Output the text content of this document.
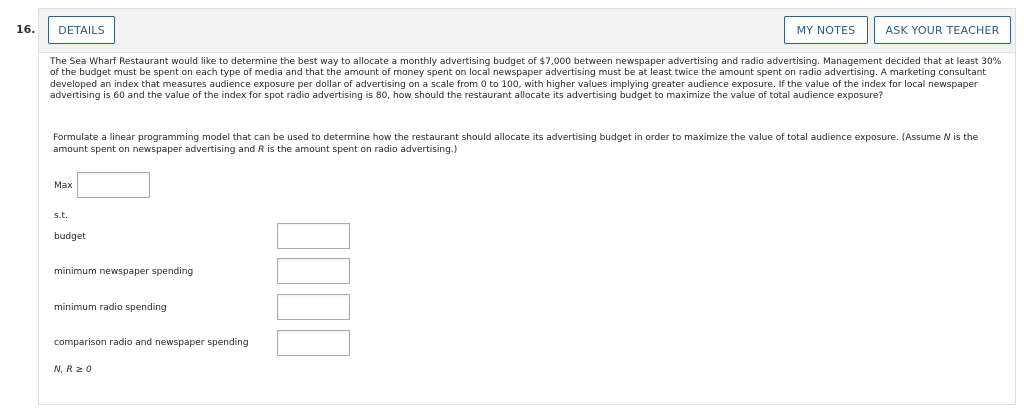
16.	DETAILS	MY NOTES	ASK YOUR TEACHER
The Sea Wharf Restaurant would like to determine the best way to allocate a monthly advertising budget of $7,000 between newspaper advertising and radio advertising. Management decided that at least 30% of the budget must be spent on each type of media and that the amount of money spent on local newspaper advertising must be at least twice the amount spent on radio advertising. A marketing consultant developed an index that measures audience exposure per dollar of advertising on a scale from 0 to 100, with higher values implying greater audience exposure. If the value of the index for local newspaper advertising is 60 and the value of the index for spot radio advertising is 80, how should the restaurant allocate its advertising budget to maximize the value of total audience exposure?
Formulate a linear programming model that can be used to determine how the restaurant should allocate its advertising budget in order to maximize the value of total audience exposure. (Assume N is the amount spent on newspaper advertising and R is the amount spent on radio advertising.)
Max
s.t.
budget
minimum newspaper spending
minimum radio spending
comparison radio and newspaper spending
N, R ≥ 0
